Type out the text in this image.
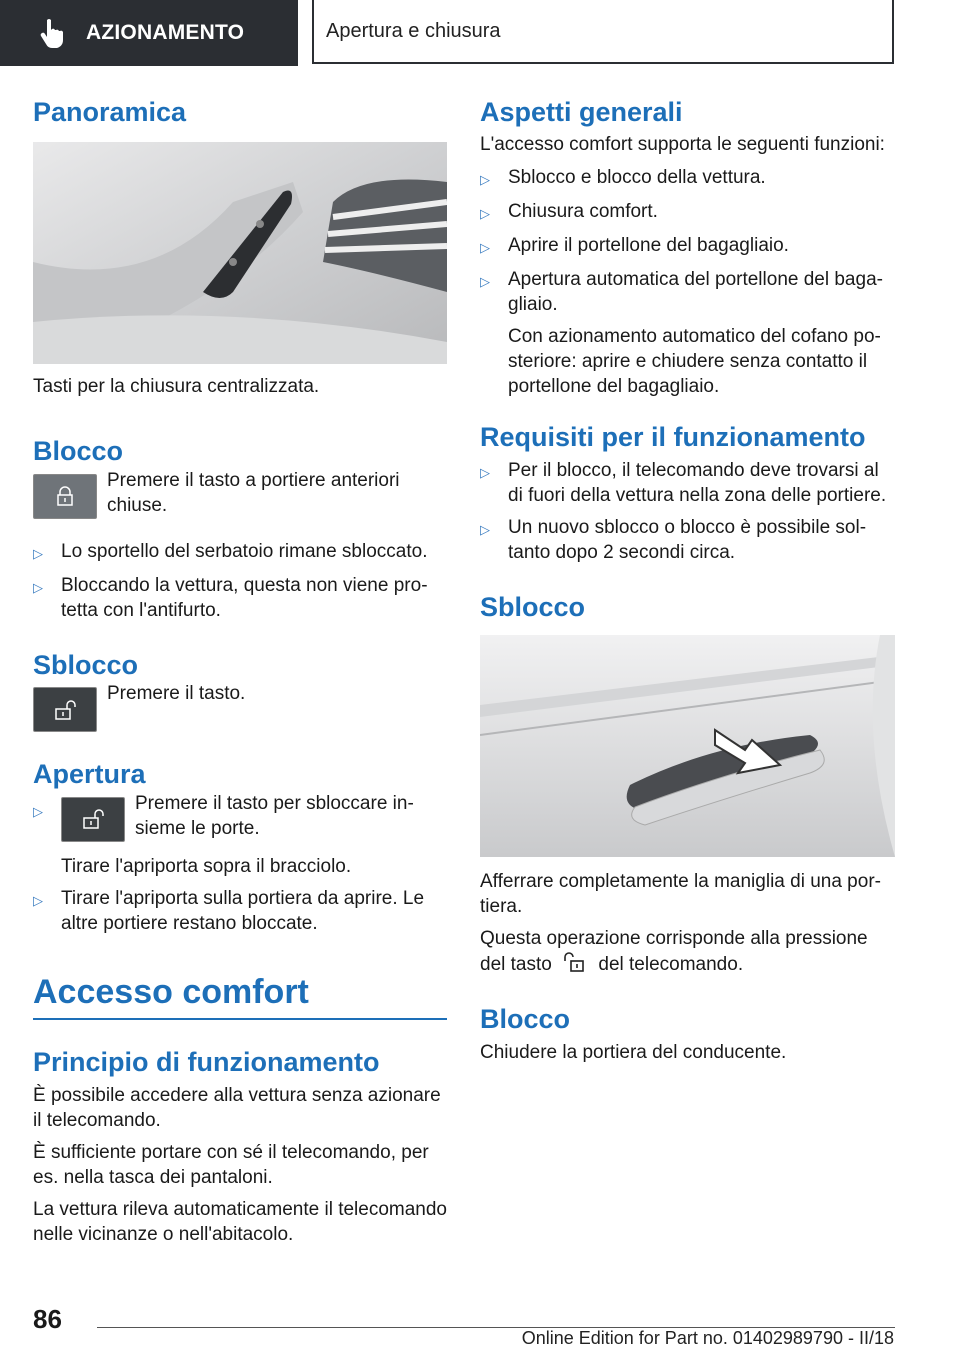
AZIONAMENTO	Apertura e chiusura
Panoramica

Tasti per la chiusura centralizzata.

Blocco

Premere il tasto a portiere anteriori chiuse.

▷ Lo sportello del serbatoio rimane sbloccato.
▷ Bloccando la vettura, questa non viene protetta con l'antifurto.
Sblocco

Premere il tasto.

Apertura
▷	Premere il tasto per sbloccare insieme le porte.

Tirare l'apriporta sopra il bracciolo.

▷ Tirare l'apriporta sulla portiera da aprire. Le altre portiere restano bloccate.
Accesso comfort
Principio di funzionamento

È possibile accedere alla vettura senza azionare il telecomando.

È sufficiente portare con sé il telecomando, per es. nella tasca dei pantaloni.

La vettura rileva automaticamente il telecomando nelle vicinanze o nell'abitacolo.

Aspetti generali

L'accesso comfort supporta le seguenti funzioni:

▷ Sblocco e blocco della vettura.
▷ Chiusura comfort.
▷ Aprire il portellone del bagagliaio.
▷ Apertura automatica del portellone del bagagliaio.

Con azionamento automatico del cofano posteriore: aprire e chiudere senza contatto il portellone del bagagliaio.

Requisiti per il funzionamento
▷ Per il blocco, il telecomando deve trovarsi al di fuori della vettura nella zona delle portiere.
▷ Un nuovo sblocco o blocco è possibile soltanto dopo 2 secondi circa.
Sblocco

Afferrare completamente la maniglia di una portiera.

Questa operazione corrisponde alla pressione del tasto del telecomando.

Blocco

Chiudere la portiera del conducente.

86
Online Edition for Part no. 01402989790 - II/18
